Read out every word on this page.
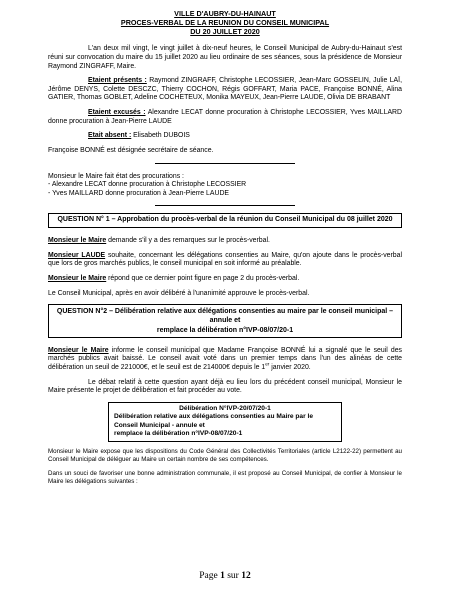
VILLE D'AUBRY-DU-HAINAUT
PROCES-VERBAL DE LA REUNION DU CONSEIL MUNICIPAL
DU 20 JUILLET 2020

L'an deux mil vingt, le vingt juillet à dix-neuf heures, le Conseil Municipal de Aubry-du-Hainaut s'est réuni sur convocation du maire du 15 juillet 2020 au lieu ordinaire de ses séances, sous la présidence de Monsieur Raymond ZINGRAFF, Maire.

Etaient présents : Raymond ZINGRAFF, Christophe LECOSSIER, Jean-Marc GOSSELIN, Julie LAÏ, Jérôme DENYS, Colette DESCZC, Thierry COCHON, Régis GOFFART, Maria PACE, Françoise BONNÉ, Alina GATIER, Thomas GOBLET, Adeline COCHETEUX, Monika MAYEUX, Jean-Pierre LAUDE, Olivia DE BRABANT

Etaient excusés : Alexandre LECAT donne procuration à Christophe LECOSSIER, Yves MAILLARD donne procuration à Jean-Pierre LAUDE

Etait absent : Elisabeth DUBOIS

Françoise BONNÉ est désignée secrétaire de séance.

Monsieur le Maire fait état des procurations :

- Alexandre LECAT donne procuration à Christophe LECOSSIER

- Yves MAILLARD donne procuration à Jean-Pierre LAUDE

QUESTION N° 1 – Approbation du procès-verbal de la réunion du Conseil Municipal du 08 juillet 2020

Monsieur le Maire demande s'il y a des remarques sur le procès-verbal.

Monsieur LAUDE souhaite, concernant les délégations consenties au Maire, qu'on ajoute dans le procès-verbal que lors de gros marchés publics, le conseil municipal en soit informé au préalable.

Monsieur le Maire répond que ce dernier point figure en page 2 du procès-verbal.

Le Conseil Municipal, après en avoir délibéré à l'unanimité approuve le procès-verbal.

QUESTION N°2 – Délibération relative aux délégations consenties au maire par le conseil municipal – annule et
remplace la délibération n°IVP-08/07/20-1

Monsieur le Maire informe le conseil municipal que Madame Françoise BONNÉ lui a signalé que le seuil des marchés publics avait baissé. Le conseil avait voté dans un premier temps dans l'un des alinéas de cette délibération un seuil de 221000€, et le seuil est de 214000€ depuis le 1er janvier 2020.

Le débat relatif à cette question ayant déjà eu lieu lors du précédent conseil municipal, Monsieur le Maire présente le projet de délibération et fait procéder au vote.

Délibération N°IVP-20/07/20-1
Délibération relative aux délégations consenties au Maire par le Conseil Municipal - annule et
remplace la délibération n°IVP-08/07/20-1

Monsieur le Maire expose que les dispositions du Code Général des Collectivités Territoriales (article L2122-22) permettent au Conseil Municipal de déléguer au Maire un certain nombre de ses compétences.

Dans un souci de favoriser une bonne administration communale, il est proposé au Conseil Municipal, de confier à Monsieur le Maire les délégations suivantes :

Page 1 sur 12
